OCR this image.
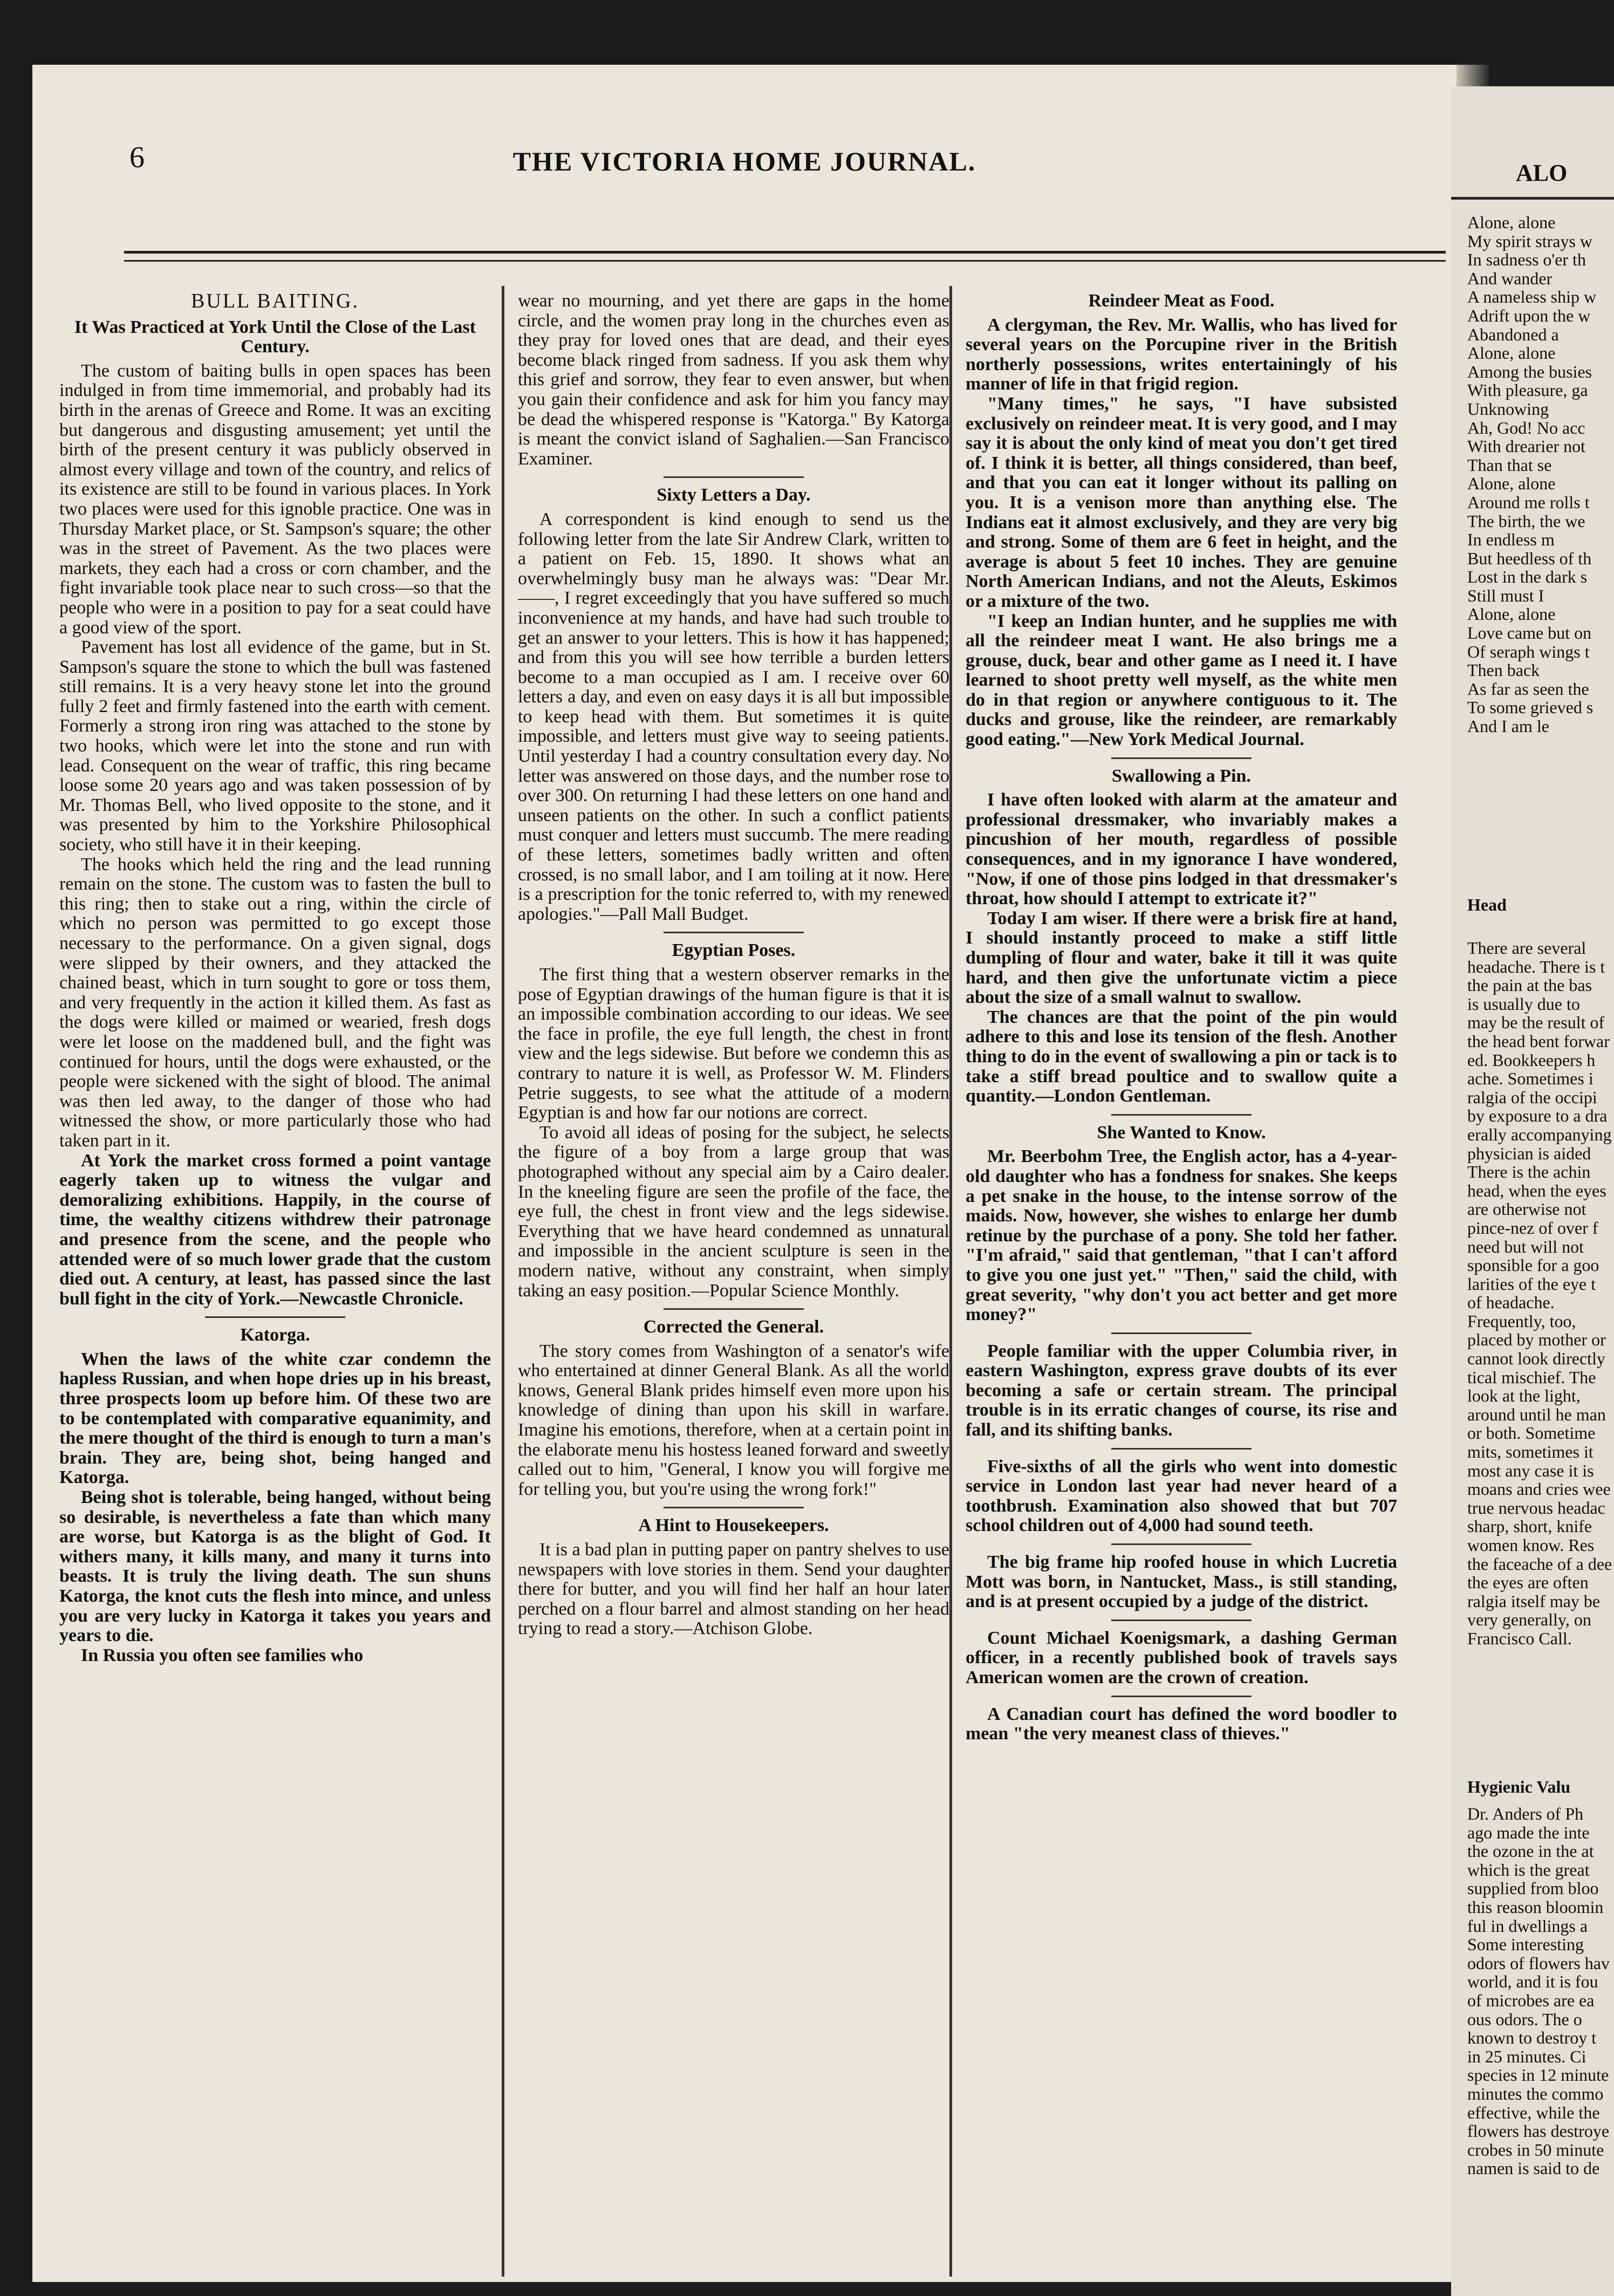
6	THE VICTORIA HOME JOURNAL.
BULL BAITING.

It Was Practiced at York Until the Close of the Last Century.

The custom of baiting bulls in open spaces has been indulged in from time immemorial, and probably had its birth in the arenas of Greece and Rome. It was an exciting but dangerous and disgusting amusement; yet until the birth of the present century it was publicly observed in almost every village and town of the country, and relics of its existence are still to be found in various places. In York two places were used for this ignoble practice. One was in Thursday Market place, or St. Sampson's square; the other was in the street of Pavement. As the two places were markets, they each had a cross or corn chamber, and the fight invariable took place near to such cross—so that the people who were in a position to pay for a seat could have a good view of the sport.

Pavement has lost all evidence of the game, but in St. Sampson's square the stone to which the bull was fastened still remains. It is a very heavy stone let into the ground fully 2 feet and firmly fastened into the earth with cement. Formerly a strong iron ring was attached to the stone by two hooks, which were let into the stone and run with lead. Consequent on the wear of traffic, this ring became loose some 20 years ago and was taken possession of by Mr. Thomas Bell, who lived opposite to the stone, and it was presented by him to the Yorkshire Philosophical society, who still have it in their keeping.

The hooks which held the ring and the lead running remain on the stone. The custom was to fasten the bull to this ring; then to stake out a ring, within the circle of which no person was permitted to go except those necessary to the performance. On a given signal, dogs were slipped by their owners, and they attacked the chained beast, which in turn sought to gore or toss them, and very frequently in the action it killed them. As fast as the dogs were killed or maimed or wearied, fresh dogs were let loose on the maddened bull, and the fight was continued for hours, until the dogs were exhausted, or the people were sickened with the sight of blood. The animal was then led away, to the danger of those who had witnessed the show, or more particularly those who had taken part in it.

At York the market cross formed a point vantage eagerly taken up to witness the vulgar and demoralizing exhibitions. Happily, in the course of time, the wealthy citizens withdrew their patronage and presence from the scene, and the people who attended were of so much lower grade that the custom died out. A century, at least, has passed since the last bull fight in the city of York.—Newcastle Chronicle.

Katorga.

When the laws of the white czar condemn the hapless Russian, and when hope dries up in his breast, three prospects loom up before him. Of these two are to be contemplated with comparative equanimity, and the mere thought of the third is enough to turn a man's brain. They are, being shot, being hanged and Katorga.

Being shot is tolerable, being hanged, without being so desirable, is nevertheless a fate than which many are worse, but Katorga is as the blight of God. It withers many, it kills many, and many it turns into beasts. It is truly the living death. The sun shuns Katorga, the knot cuts the flesh into mince, and unless you are very lucky in Katorga it takes you years and years to die.

In Russia you often see families who

wear no mourning, and yet there are gaps in the home circle, and the women pray long in the churches even as they pray for loved ones that are dead, and their eyes become black ringed from sadness. If you ask them why this grief and sorrow, they fear to even answer, but when you gain their confidence and ask for him you fancy may be dead the whispered response is "Katorga." By Katorga is meant the convict island of Saghalien.—San Francisco Examiner.

Sixty Letters a Day.

A correspondent is kind enough to send us the following letter from the late Sir Andrew Clark, written to a patient on Feb. 15, 1890. It shows what an overwhelmingly busy man he always was: "Dear Mr. ——, I regret exceedingly that you have suffered so much inconvenience at my hands, and have had such trouble to get an answer to your letters. This is how it has happened; and from this you will see how terrible a burden letters become to a man occupied as I am. I receive over 60 letters a day, and even on easy days it is all but impossible to keep head with them. But sometimes it is quite impossible, and letters must give way to seeing patients. Until yesterday I had a country consultation every day. No letter was answered on those days, and the number rose to over 300. On returning I had these letters on one hand and unseen patients on the other. In such a conflict patients must conquer and letters must succumb. The mere reading of these letters, sometimes badly written and often crossed, is no small labor, and I am toiling at it now. Here is a prescription for the tonic referred to, with my renewed apologies."—Pall Mall Budget.

Egyptian Poses.

The first thing that a western observer remarks in the pose of Egyptian drawings of the human figure is that it is an impossible combination according to our ideas. We see the face in profile, the eye full length, the chest in front view and the legs sidewise. But before we condemn this as contrary to nature it is well, as Professor W. M. Flinders Petrie suggests, to see what the attitude of a modern Egyptian is and how far our notions are correct.

To avoid all ideas of posing for the subject, he selects the figure of a boy from a large group that was photographed without any special aim by a Cairo dealer. In the kneeling figure are seen the profile of the face, the eye full, the chest in front view and the legs sidewise. Everything that we have heard condemned as unnatural and impossible in the ancient sculpture is seen in the modern native, without any constraint, when simply taking an easy position.—Popular Science Monthly.

Corrected the General.

The story comes from Washington of a senator's wife who entertained at dinner General Blank. As all the world knows, General Blank prides himself even more upon his knowledge of dining than upon his skill in warfare. Imagine his emotions, therefore, when at a certain point in the elaborate menu his hostess leaned forward and sweetly called out to him, "General, I know you will forgive me for telling you, but you're using the wrong fork!"

A Hint to Housekeepers.

It is a bad plan in putting paper on pantry shelves to use newspapers with love stories in them. Send your daughter there for butter, and you will find her half an hour later perched on a flour barrel and almost standing on her head trying to read a story.—Atchison Globe.

Reindeer Meat as Food.

A clergyman, the Rev. Mr. Wallis, who has lived for several years on the Porcupine river in the British northerly possessions, writes entertainingly of his manner of life in that frigid region.

"Many times," he says, "I have subsisted exclusively on reindeer meat. It is very good, and I may say it is about the only kind of meat you don't get tired of. I think it is better, all things considered, than beef, and that you can eat it longer without its palling on you. It is a venison more than anything else. The Indians eat it almost exclusively, and they are very big and strong. Some of them are 6 feet in height, and the average is about 5 feet 10 inches. They are genuine North American Indians, and not the Aleuts, Eskimos or a mixture of the two.

"I keep an Indian hunter, and he supplies me with all the reindeer meat I want. He also brings me a grouse, duck, bear and other game as I need it. I have learned to shoot pretty well myself, as the white men do in that region or anywhere contiguous to it. The ducks and grouse, like the reindeer, are remarkably good eating."—New York Medical Journal.

Swallowing a Pin.

I have often looked with alarm at the amateur and professional dressmaker, who invariably makes a pincushion of her mouth, regardless of possible consequences, and in my ignorance I have wondered, "Now, if one of those pins lodged in that dressmaker's throat, how should I attempt to extricate it?"

Today I am wiser. If there were a brisk fire at hand, I should instantly proceed to make a stiff little dumpling of flour and water, bake it till it was quite hard, and then give the unfortunate victim a piece about the size of a small walnut to swallow.

The chances are that the point of the pin would adhere to this and lose its tension of the flesh. Another thing to do in the event of swallowing a pin or tack is to take a stiff bread poultice and to swallow quite a quantity.—London Gentleman.

She Wanted to Know.

Mr. Beerbohm Tree, the English actor, has a 4-year-old daughter who has a fondness for snakes. She keeps a pet snake in the house, to the intense sorrow of the maids. Now, however, she wishes to enlarge her dumb retinue by the purchase of a pony. She told her father. "I'm afraid," said that gentleman, "that I can't afford to give you one just yet." "Then," said the child, with great severity, "why don't you act better and get more money?"

People familiar with the upper Columbia river, in eastern Washington, express grave doubts of its ever becoming a safe or certain stream. The principal trouble is in its erratic changes of course, its rise and fall, and its shifting banks.

Five-sixths of all the girls who went into domestic service in London last year had never heard of a toothbrush. Examination also showed that but 707 school children out of 4,000 had sound teeth.

The big frame hip roofed house in which Lucretia Mott was born, in Nantucket, Mass., is still standing, and is at present occupied by a judge of the district.

Count Michael Koenigsmark, a dashing German officer, in a recently published book of travels says American women are the crown of creation.

A Canadian court has defined the word boodler to mean "the very meanest class of thieves."

ALO

Alone, alone

My spirit strays w

In sadness o'er th

And wander

A nameless ship w

Adrift upon the w

Abandoned a

Alone, alone

Among the busies

With pleasure, ga

Unknowing

Ah, God! No acc

With drearier not

Than that se

Alone, alone

Around me rolls t

The birth, the we

In endless m

But heedless of th

Lost in the dark s

Still must I

Alone, alone

Love came but on

Of seraph wings t

Then back

As far as seen the

To some grieved s

And I am le

Head

There are several

headache. There is t

the pain at the bas

is usually due to

may be the result of

the head bent forwar

ed. Bookkeepers h

ache. Sometimes i

ralgia of the occipi

by exposure to a dra

erally accompanying

physician is aided

There is the achin

head, when the eyes

are otherwise not

pince-nez of over f

need but will not

sponsible for a goo

larities of the eye t

of headache.

Frequently, too,

placed by mother or

cannot look directly

tical mischief. The

look at the light,

around until he man

or both. Sometime

mits, sometimes it

most any case it is

moans and cries wee

true nervous headac

sharp, short, knife

women know. Res

the faceache of a dee

the eyes are often

ralgia itself may be

very generally, on

Francisco Call.

Hygienic Valu

Dr. Anders of Ph

ago made the inte

the ozone in the at

which is the great

supplied from bloo

this reason bloomin

ful in dwellings a

Some interesting

odors of flowers hav

world, and it is fou

of microbes are ea

ous odors. The o

known to destroy t

in 25 minutes. Ci

species in 12 minute

minutes the commo

effective, while the

flowers has destroye

crobes in 50 minute

namen is said to de
